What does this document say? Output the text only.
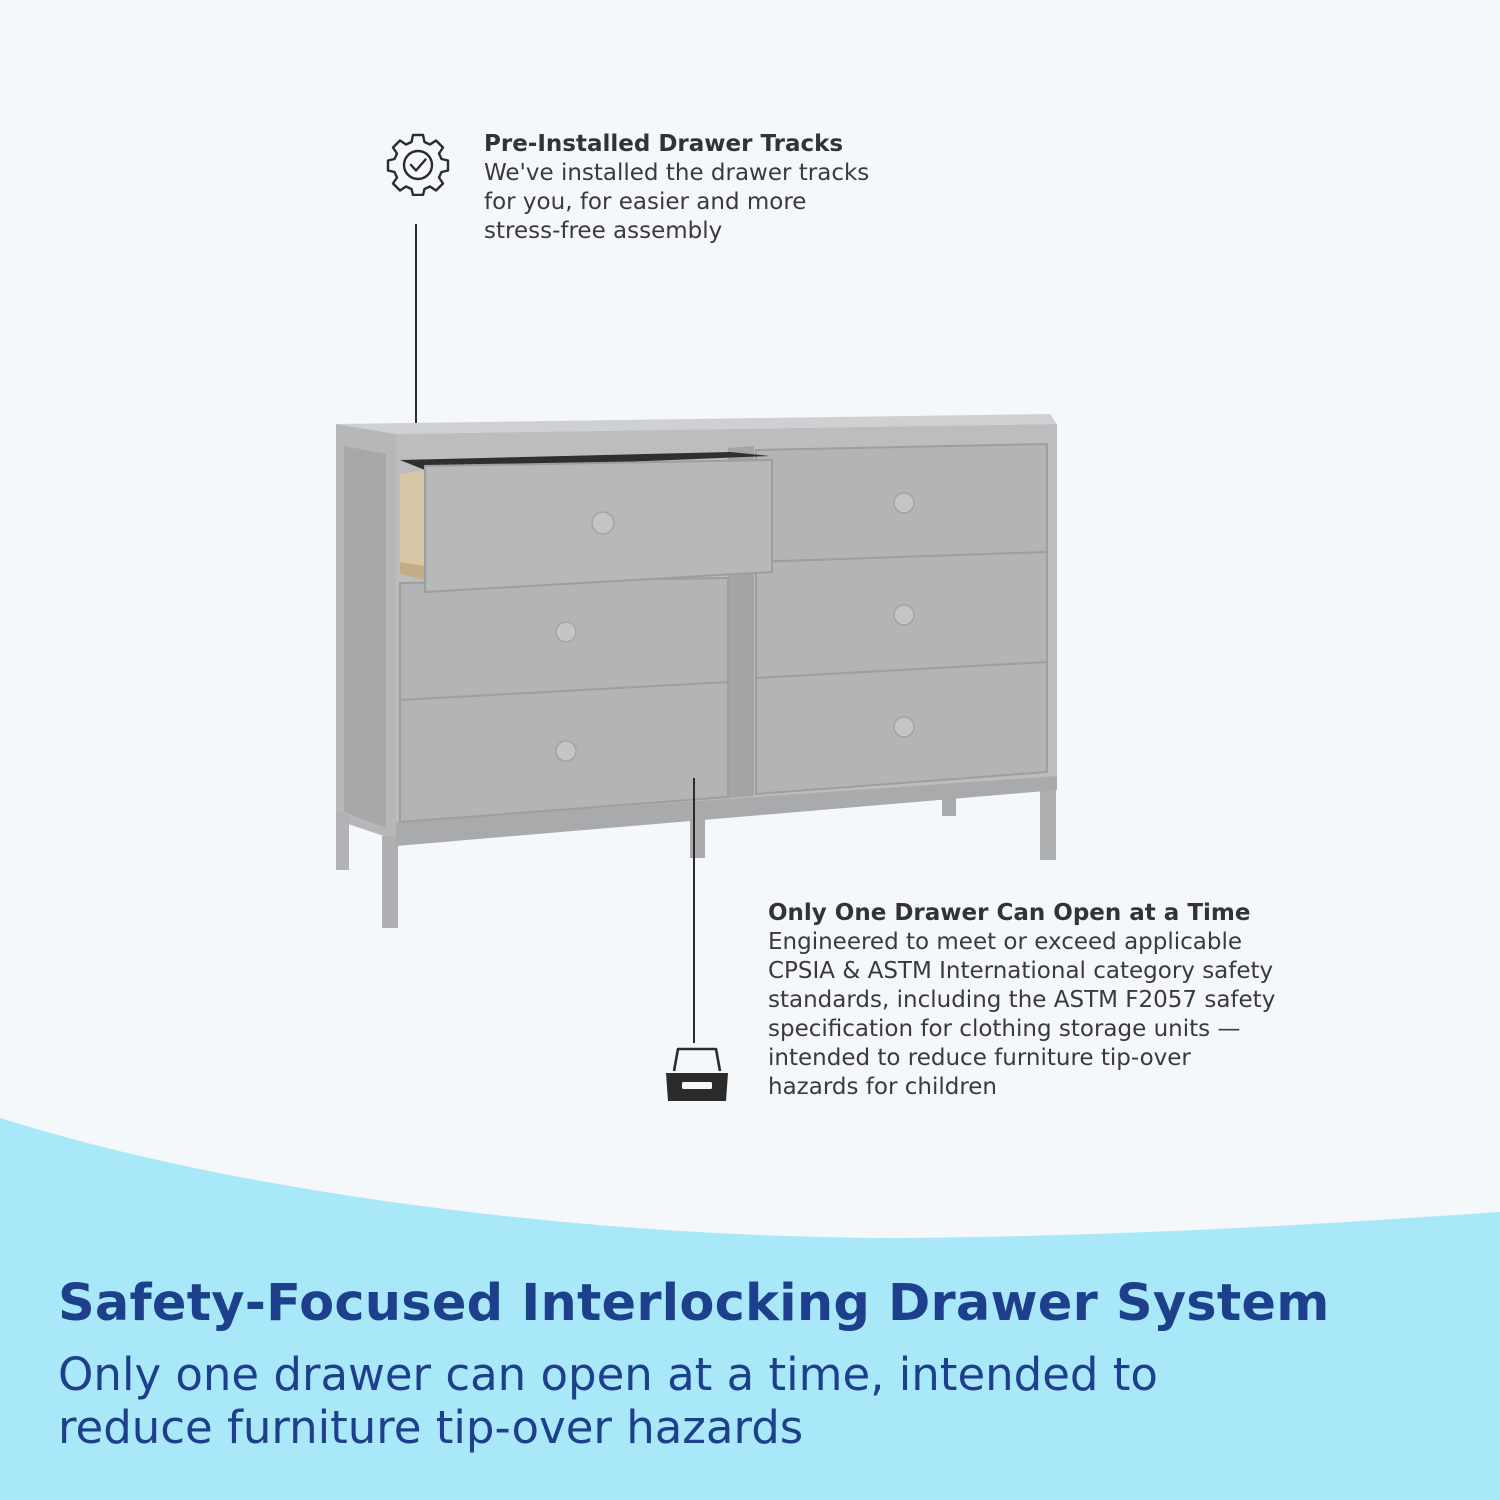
Pre-Installed Drawer Tracks
We've installed the drawer tracks
for you, for easier and more
stress-free assembly
Only One Drawer Can Open at a Time
Engineered to meet or exceed applicable
CPSIA & ASTM International category safety
standards, including the ASTM F2057 safety
specification for clothing storage units —
intended to reduce furniture tip-over
hazards for children
Safety-Focused Interlocking Drawer System
Only one drawer can open at a time, intended to
reduce furniture tip-over hazards
